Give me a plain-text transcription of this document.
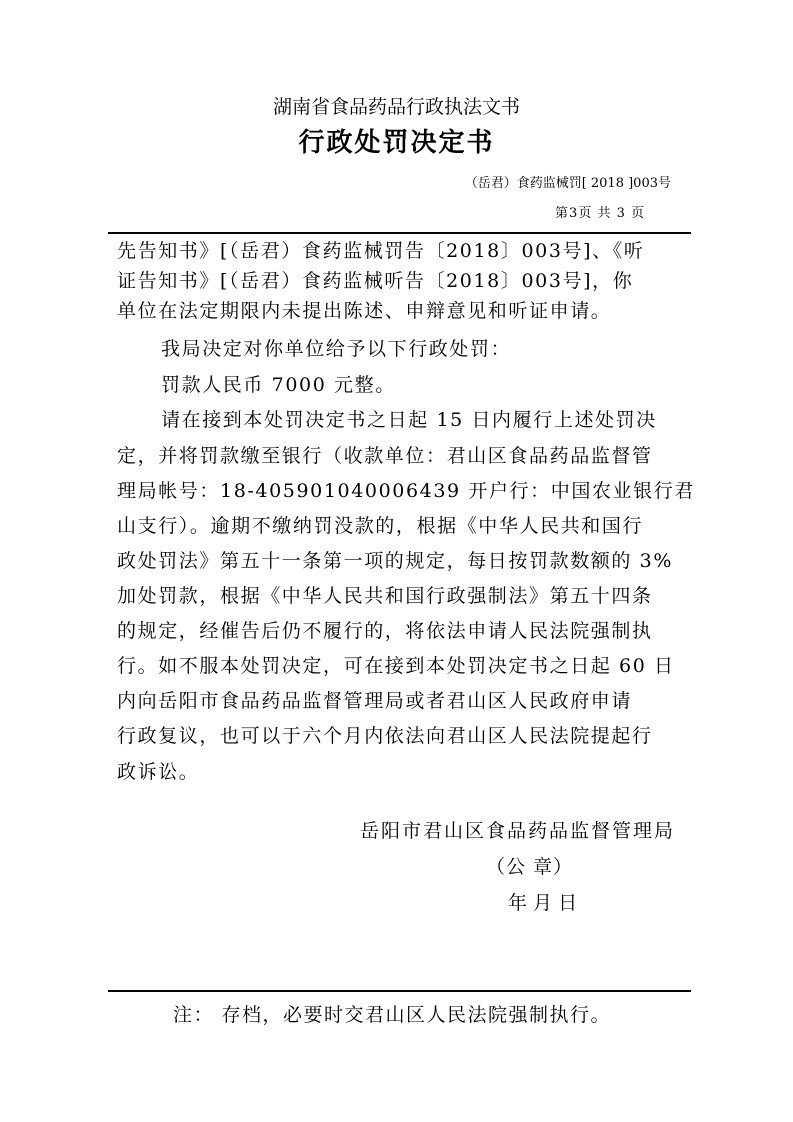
湖南省食品药品行政执法文书
行政处罚决定书
（岳君）食药监械罚[ 2018 ]003号
第3页 共 3 页
先告知书》[（岳君）食药监械罚告〔2018〕003号]、《听
证告知书》[（岳君）食药监械听告〔2018〕003号]，你
单位在法定期限内未提出陈述、申辩意见和听证申请。
我局决定对你单位给予以下行政处罚：
罚款人民币 7000 元整。
请在接到本处罚决定书之日起 15 日内履行上述处罚决
定，并将罚款缴至银行（收款单位：君山区食品药品监督管
理局帐号：18-405901040006439 开户行：中国农业银行君
山支行）。逾期不缴纳罚没款的，根据《中华人民共和国行
政处罚法》第五十一条第一项的规定，每日按罚款数额的 3%
加处罚款，根据《中华人民共和国行政强制法》第五十四条
的规定，经催告后仍不履行的，将依法申请人民法院强制执
行。如不服本处罚决定，可在接到本处罚决定书之日起 60 日
内向岳阳市食品药品监督管理局或者君山区人民政府申请
行政复议，也可以于六个月内依法向君山区人民法院提起行
政诉讼。
岳阳市君山区食品药品监督管理局
（公 章）
年 月 日
注： 存档，必要时交君山区人民法院强制执行。
